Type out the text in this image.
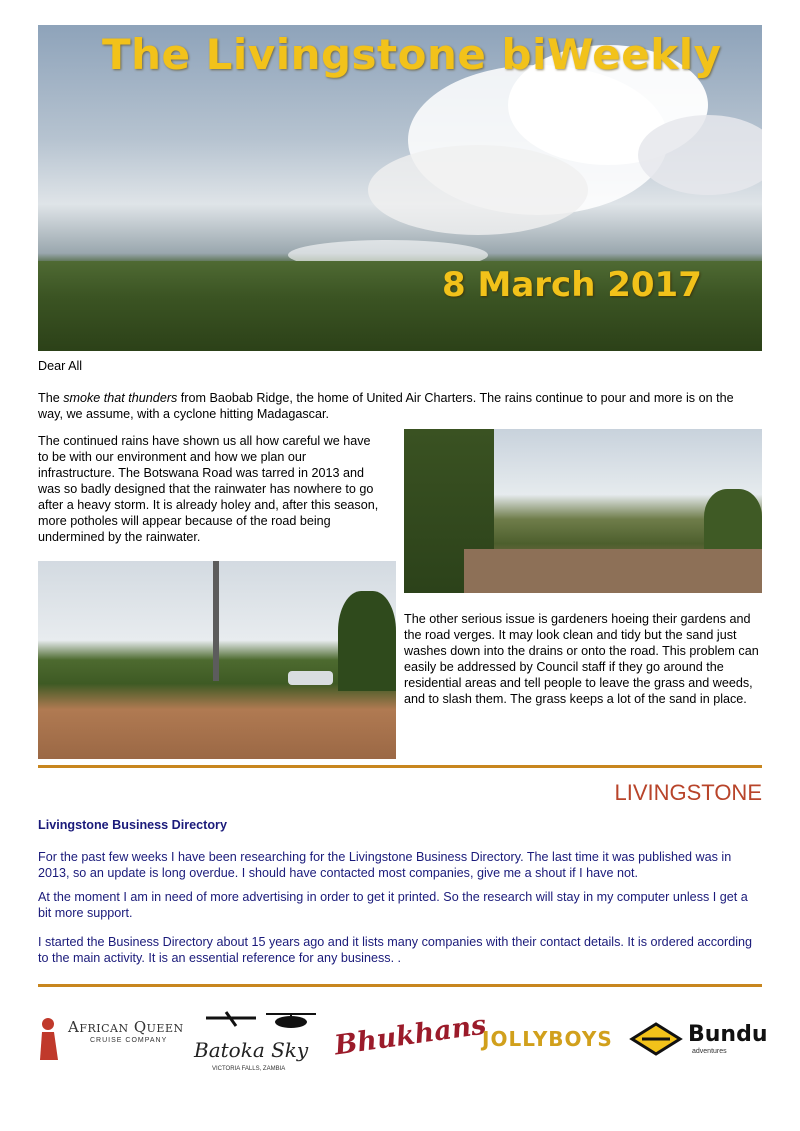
The Livingstone biWeekly
8 March 2017

Dear All

The smoke that thunders from Baobab Ridge, the home of United Air Charters. The rains continue to pour and more is on the way, we assume, with a cyclone hitting Madagascar.

The continued rains have shown us all how careful we have to be with our environment and how we plan our infrastructure. The Botswana Road was tarred in 2013 and was so badly designed that the rainwater has nowhere to go after a heavy storm. It is already holey and, after this season, more potholes will appear because of the road being undermined by the rainwater.

The other serious issue is gardeners hoeing their gardens and the road verges. It may look clean and tidy but the sand just washes down into the drains or onto the road. This problem can easily be addressed by Council staff if they go around the residential areas and tell people to leave the grass and weeds, and to slash them. The grass keeps a lot of the sand in place.

LIVINGSTONE

Livingstone Business Directory

For the past few weeks I have been researching for the Livingstone Business Directory. The last time it was published was in 2013, so an update is long overdue. I should have contacted most companies, give me a shout if I have not.

At the moment I am in need of more advertising in order to get it printed. So the research will stay in my computer unless I get a bit more support.

I started the Business Directory about 15 years ago and it lists many companies with their contact details. It is ordered according to the main activity. It is an essential reference for any business. .

African Queen
CRUISE COMPANY Batoka Sky
VICTORIA FALLS, ZAMBIA
Bhukhans
JOLLYBOYS	Bundu
adventures
